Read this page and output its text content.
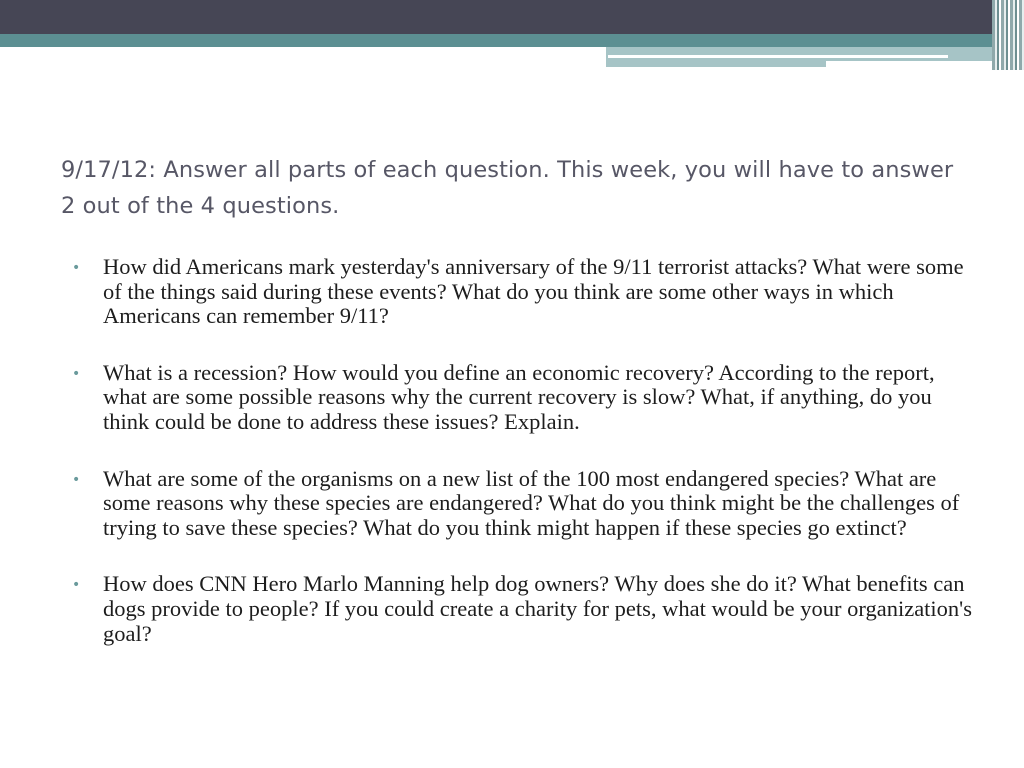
9/17/12: Answer all parts of each question. This week, you will have to answer 2 out of the 4 questions.
• How did Americans mark yesterday's anniversary of the 9/11 terrorist attacks? What were some of the things said during these events? What do you think are some other ways in which Americans can remember 9/11?
• What is a recession? How would you define an economic recovery? According to the report, what are some possible reasons why the current recovery is slow? What, if anything, do you think could be done to address these issues? Explain.
• What are some of the organisms on a new list of the 100 most endangered species? What are some reasons why these species are endangered? What do you think might be the challenges of trying to save these species? What do you think might happen if these species go extinct?
• How does CNN Hero Marlo Manning help dog owners? Why does she do it? What benefits can dogs provide to people? If you could create a charity for pets, what would be your organization's goal?
